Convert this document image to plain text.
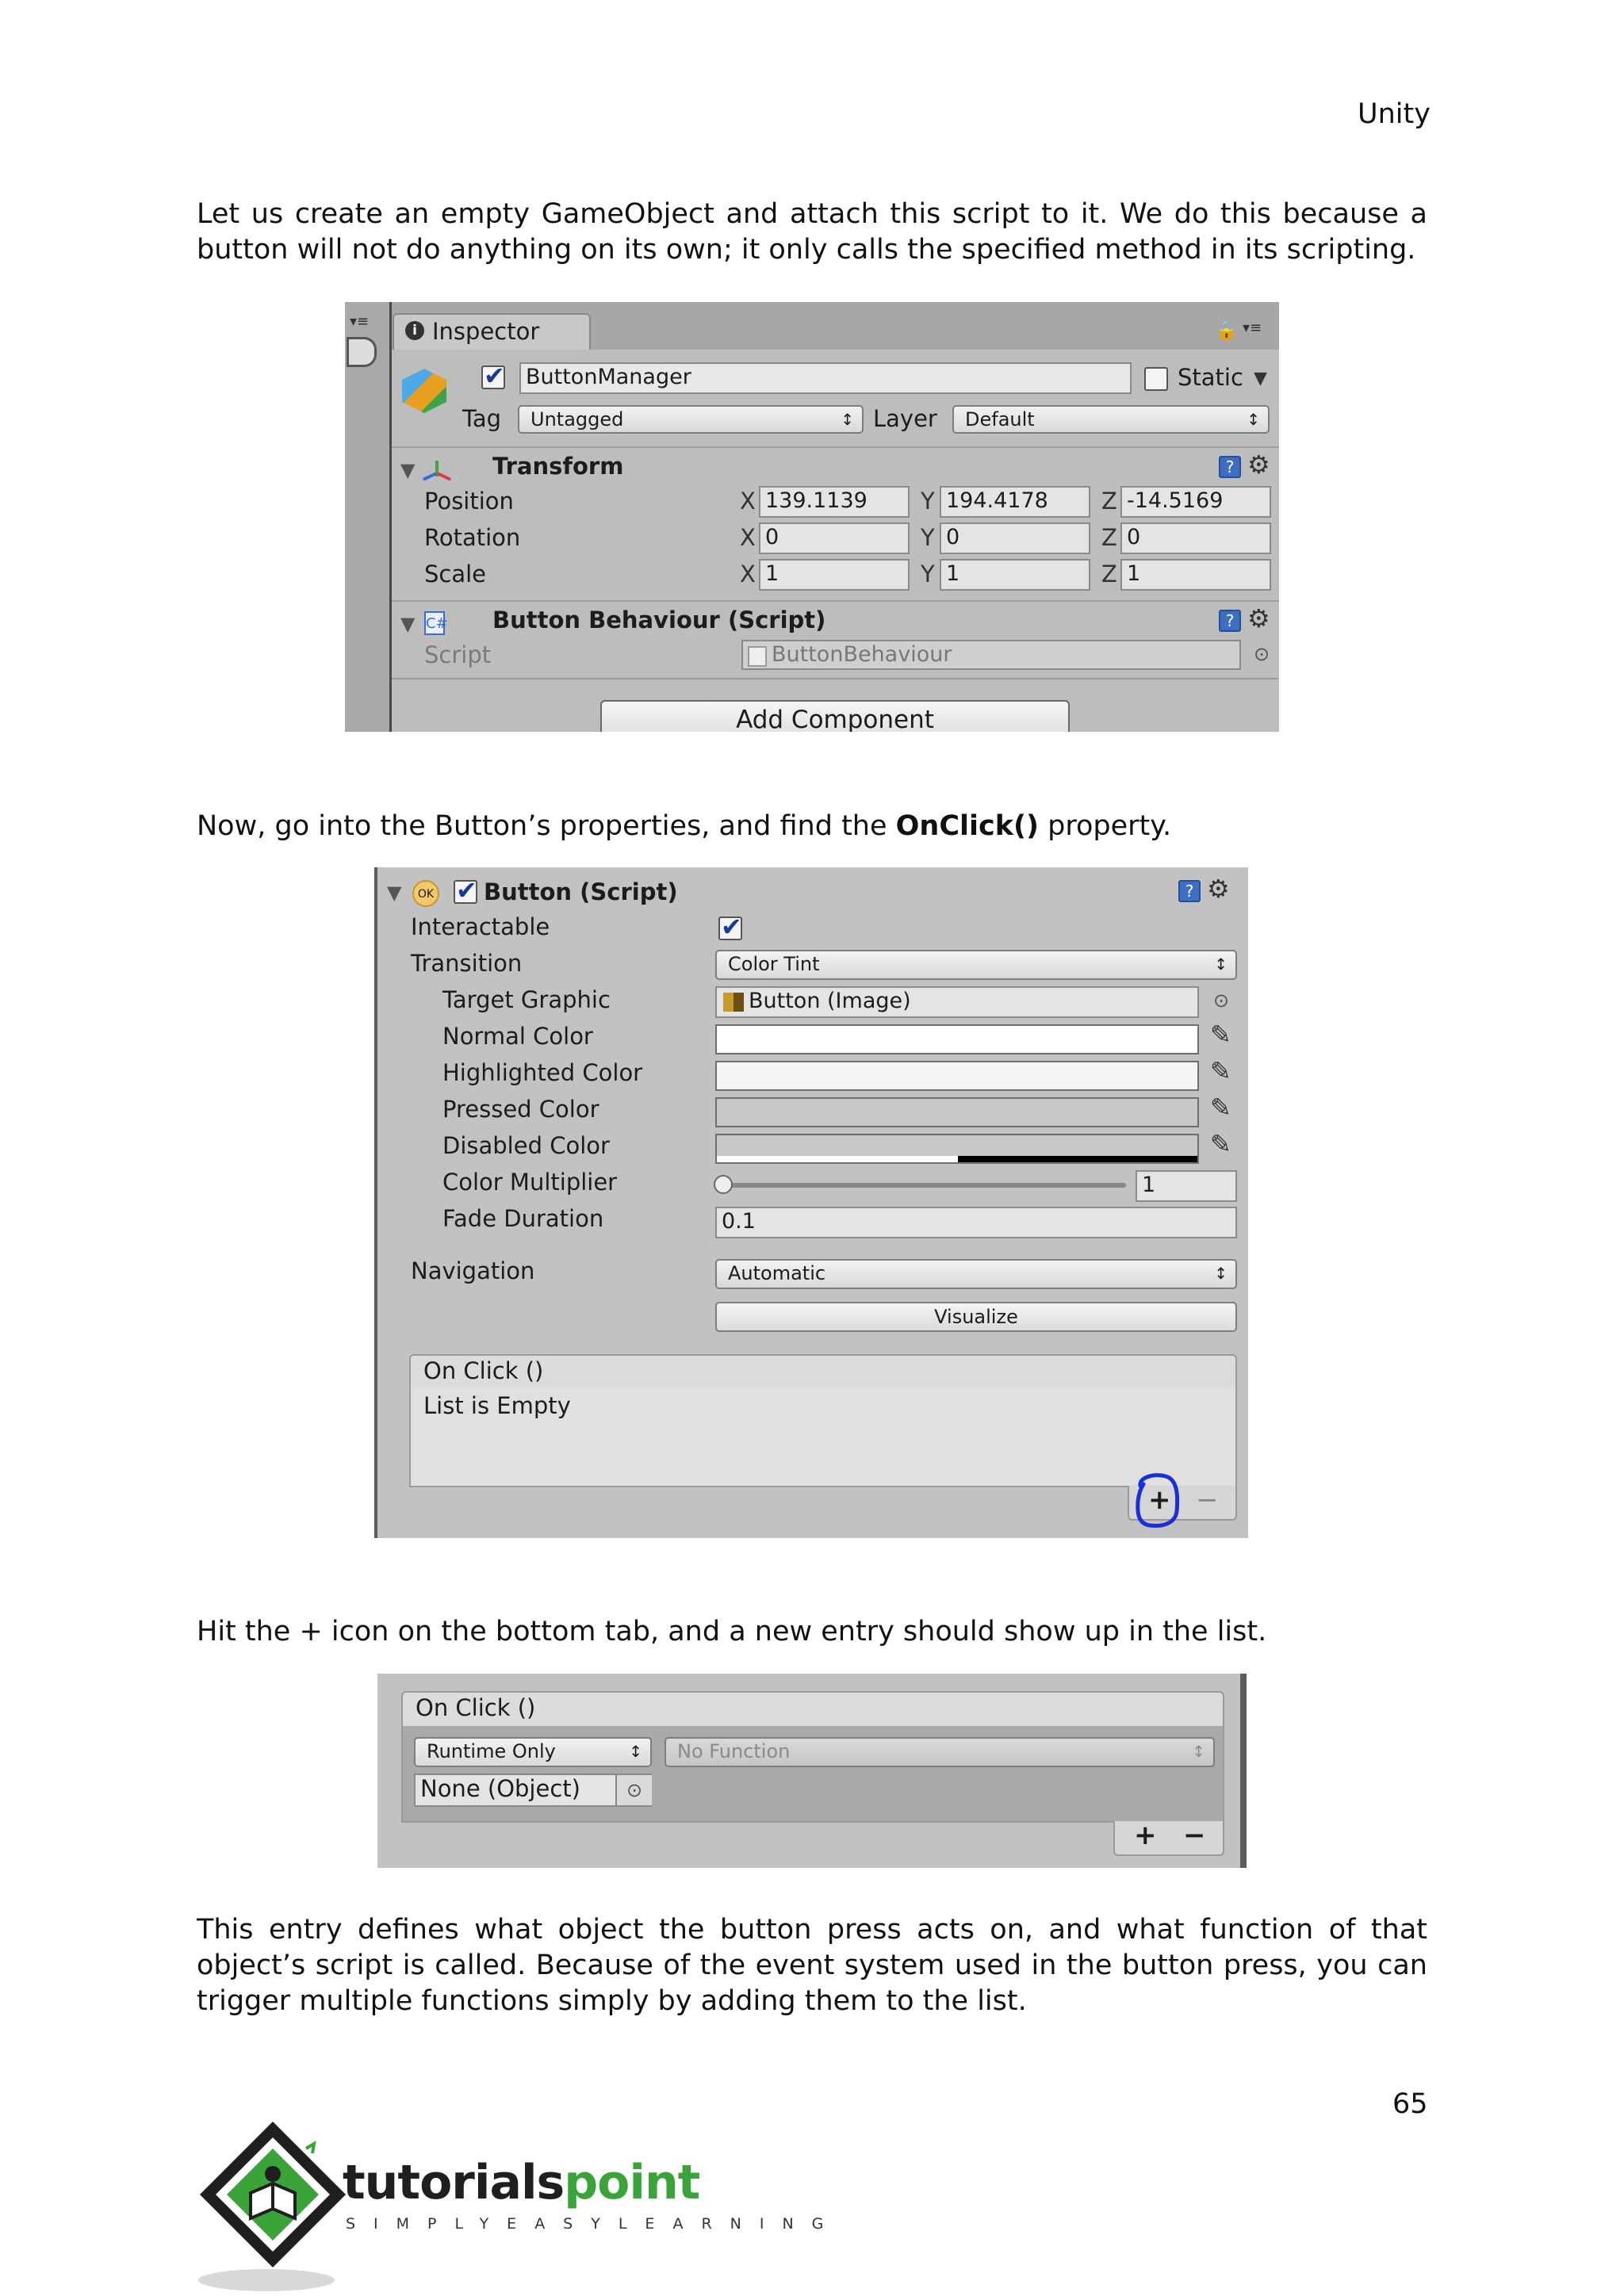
Unity
Let us create an empty GameObject and attach this script to it. We do this because a button will not do anything on its own; it only calls the specified method in its scripting.
▾≡
i Inspector	🔒 ▾≡
✔
ButtonManager	Static ▼
Tag	Untagged ↕	Layer	Default ↕
▼	Transform	? ⚙
Position	X 139.1139	Y 194.4178	Z -14.5169
Rotation	X 0	Y 0	Z 0
Scale	X 1	Y 1	Z 1
▼ C# Button Behaviour (Script)	? ⚙
Script	ButtonBehaviour	⊙
Add Component
Now, go into the Button’s properties, and find the OnClick() property.
▼	OK
✔ Button (Script)	? ⚙
Interactable
✔
Transition	Color Tint ↕
Target Graphic	Button (Image)	⊙
Normal Color	✎
Highlighted Color	✎
Pressed Color	✎
Disabled Color	✎
Color Multiplier	1
Fade Duration	0.1
Navigation	Automatic ↕
Visualize
On Click ()
List is Empty
+ −
Hit the + icon on the bottom tab, and a new entry should show up in the list.
On Click ()
Runtime Only ↕	No Function ↕
None (Object)	⊙
+ −
This entry defines what object the button press acts on, and what function of that object’s script is called. Because of the event system used in the button press, you can trigger multiple functions simply by adding them to the list.
65
tutorialspoint
SIMPLYEASYLEARNING
